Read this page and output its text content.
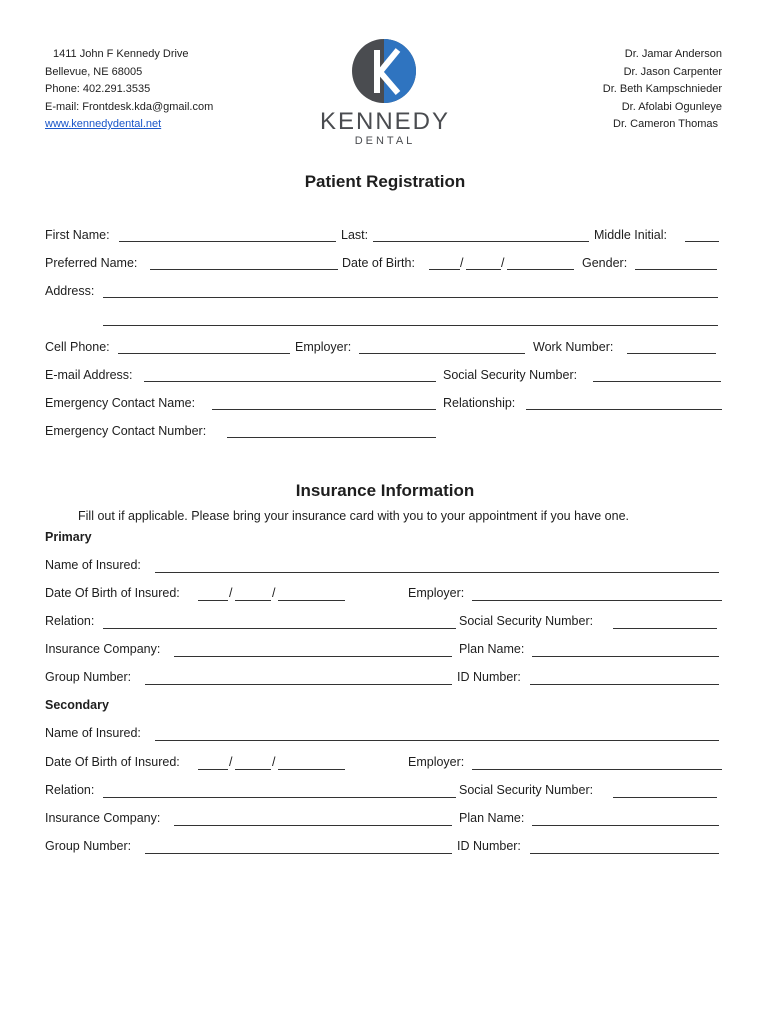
1411 John F Kennedy Drive
Bellevue, NE 68005
Phone: 402.291.3535
E-mail: Frontdesk.kda@gmail.com
www.kennedydental.net	KENNEDY
DENTAL
Dr. Jamar Anderson
Dr. Jason Carpenter
Dr. Beth Kampschnieder
Dr. Afolabi Ogunleye
Dr. Cameron Thomas
Patient Registration
First Name:	Last:	Middle Initial:
Preferred Name:	Date of Birth:	/	/	Gender:
Address:
Cell Phone:	Employer:	Work Number:
E-mail Address:	Social Security Number:
Emergency Contact Name:	Relationship:
Emergency Contact Number:
Insurance Information
Fill out if applicable. Please bring your insurance card with you to your appointment if you have one.
Primary
Name of Insured:
Date Of Birth of Insured:	/	/	Employer:
Relation:	Social Security Number:
Insurance Company:	Plan Name:
Group Number:	ID Number:
Secondary
Name of Insured:
Date Of Birth of Insured:	/	/	Employer:
Relation:	Social Security Number:
Insurance Company:	Plan Name:
Group Number:	ID Number:
